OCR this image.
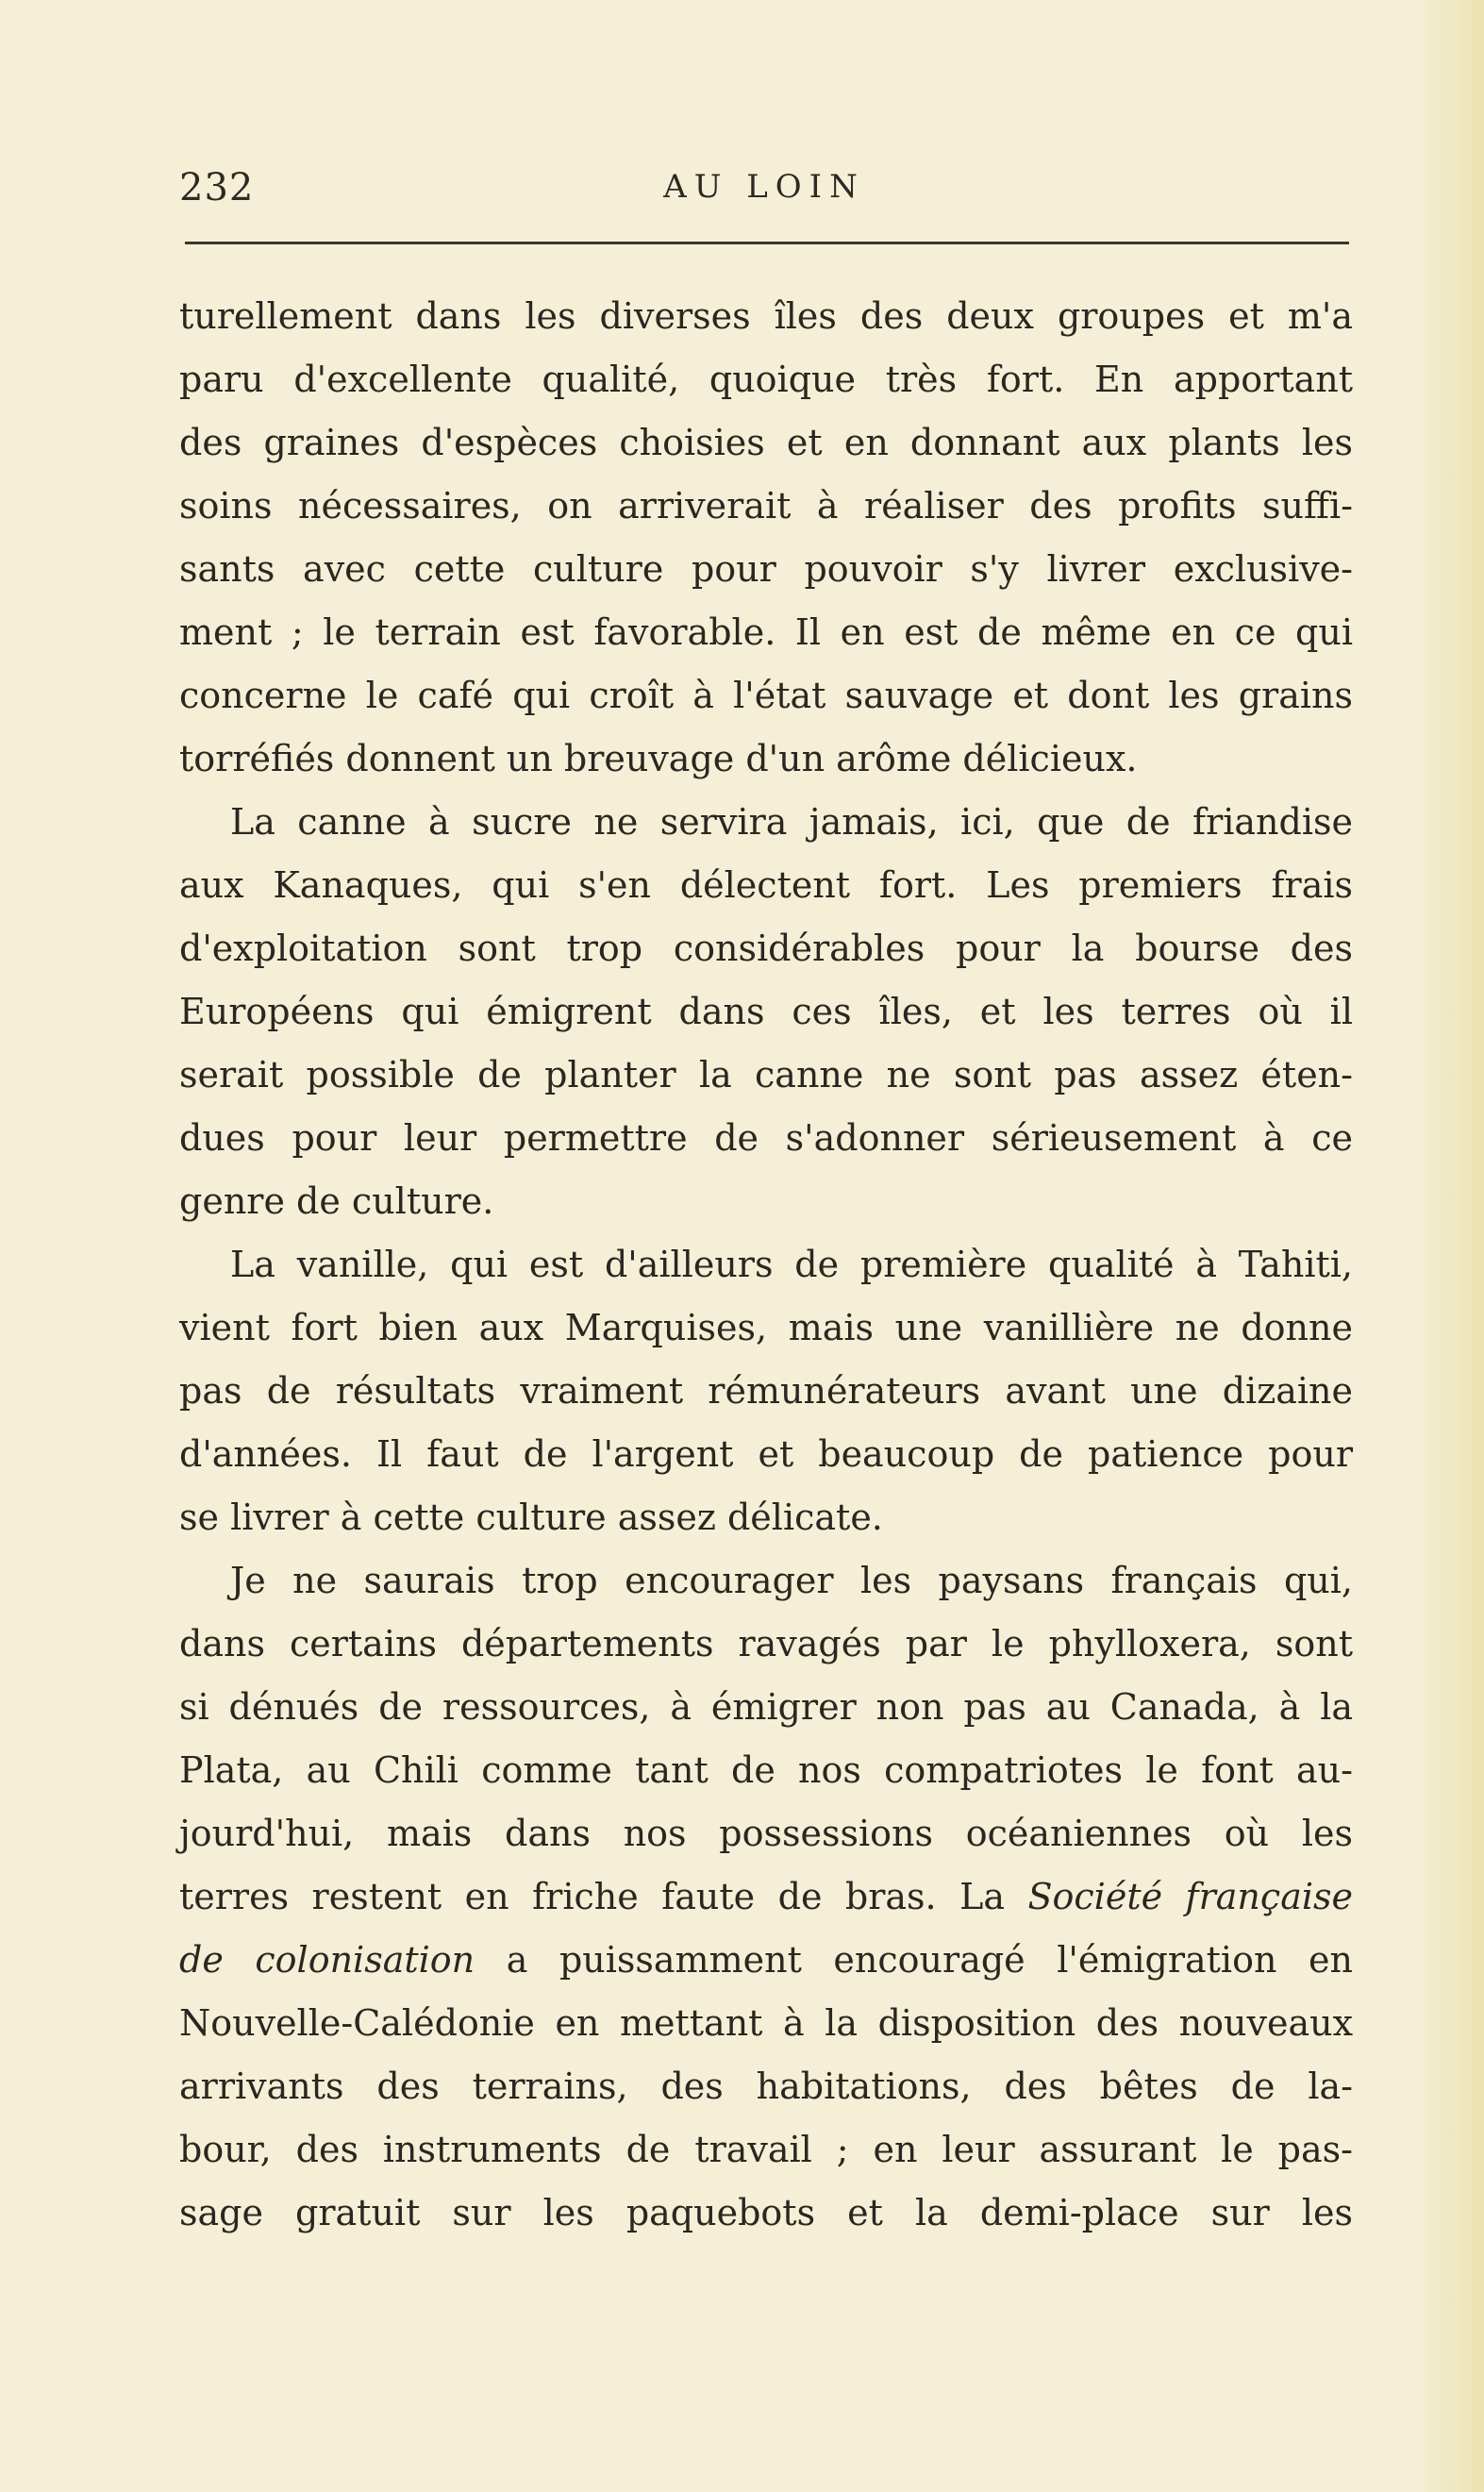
232	AU LOIN
turellement dans les diverses îles des deux groupes et m'a
paru d'excellente qualité, quoique très fort. En apportant
des graines d'espèces choisies et en donnant aux plants les
soins nécessaires, on arriverait à réaliser des profits suffi-
sants avec cette culture pour pouvoir s'y livrer exclusive-
ment ; le terrain est favorable. Il en est de même en ce qui
concerne le café qui croît à l'état sauvage et dont les grains
torréfiés donnent un breuvage d'un arôme délicieux.
La canne à sucre ne servira jamais, ici, que de friandise
aux Kanaques, qui s'en délectent fort. Les premiers frais
d'exploitation sont trop considérables pour la bourse des
Européens qui émigrent dans ces îles, et les terres où il
serait possible de planter la canne ne sont pas assez éten-
dues pour leur permettre de s'adonner sérieusement à ce
genre de culture.
La vanille, qui est d'ailleurs de première qualité à Tahiti,
vient fort bien aux Marquises, mais une vanillière ne donne
pas de résultats vraiment rémunérateurs avant une dizaine
d'années. Il faut de l'argent et beaucoup de patience pour
se livrer à cette culture assez délicate.
Je ne saurais trop encourager les paysans français qui,
dans certains départements ravagés par le phylloxera, sont
si dénués de ressources, à émigrer non pas au Canada, à la
Plata, au Chili comme tant de nos compatriotes le font au-
jourd'hui, mais dans nos possessions océaniennes où les
terres restent en friche faute de bras. La Société française
de colonisation a puissamment encouragé l'émigration en
Nouvelle-Calédonie en mettant à la disposition des nouveaux
arrivants des terrains, des habitations, des bêtes de la-
bour, des instruments de travail ; en leur assurant le pas-
sage gratuit sur les paquebots et la demi-place sur les
